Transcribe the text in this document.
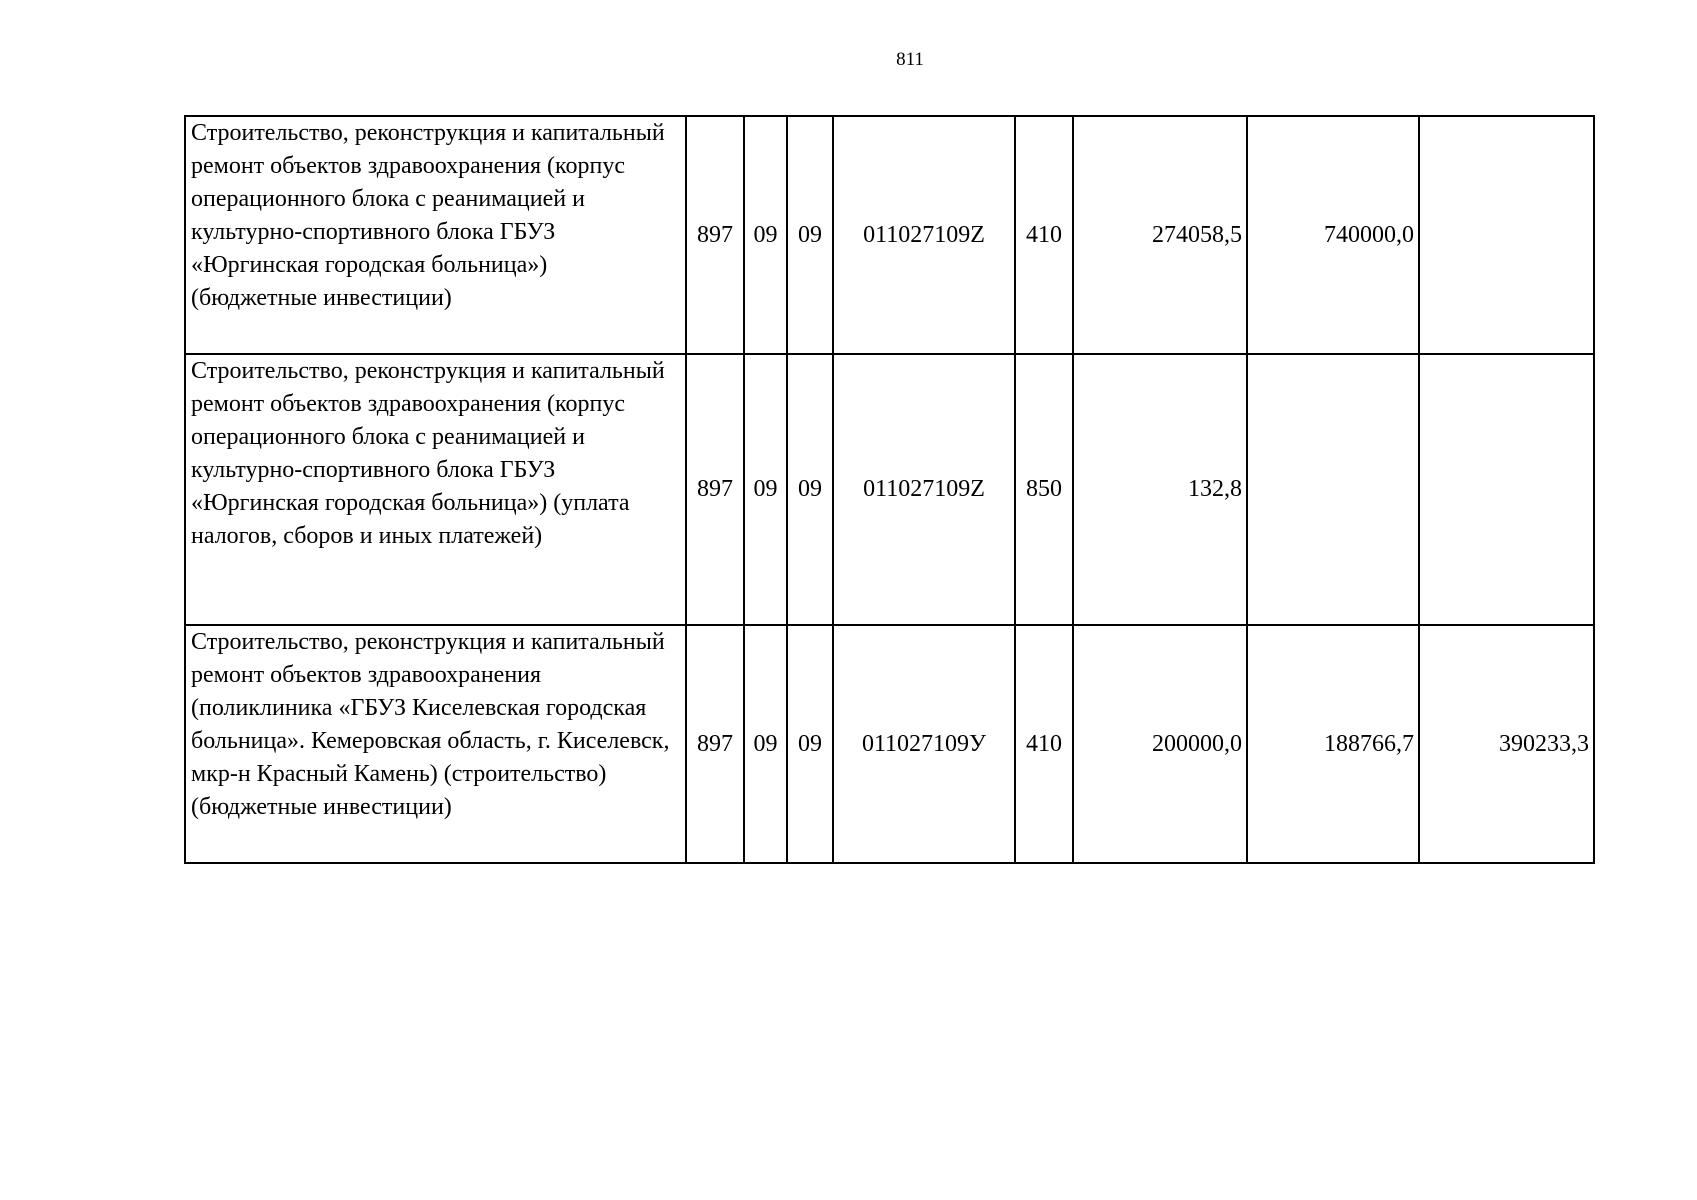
811
Строительство, реконструкция и капитальный ремонт объектов здравоохранения (корпус операционного блока с реанимацией и культурно-спортивного блока ГБУЗ «Юргинская городская больница») (бюджетные инвестиции)	897	09	09	011027109Z	410	274058,5	740000,0	
Строительство, реконструкция и капитальный ремонт объектов здравоохранения (корпус операционного блока с реанимацией и культурно-спортивного блока ГБУЗ «Юргинская городская больница») (уплата налогов, сборов и иных платежей)	897	09	09	011027109Z	850	132,8		
Строительство, реконструкция и капитальный ремонт объектов здравоохранения (поликлиника «ГБУЗ Киселевская городская больница». Кемеровская область, г. Киселевск, мкр-н Красный Камень) (строительство) (бюджетные инвестиции)	897	09	09	011027109У	410	200000,0	188766,7	390233,3
